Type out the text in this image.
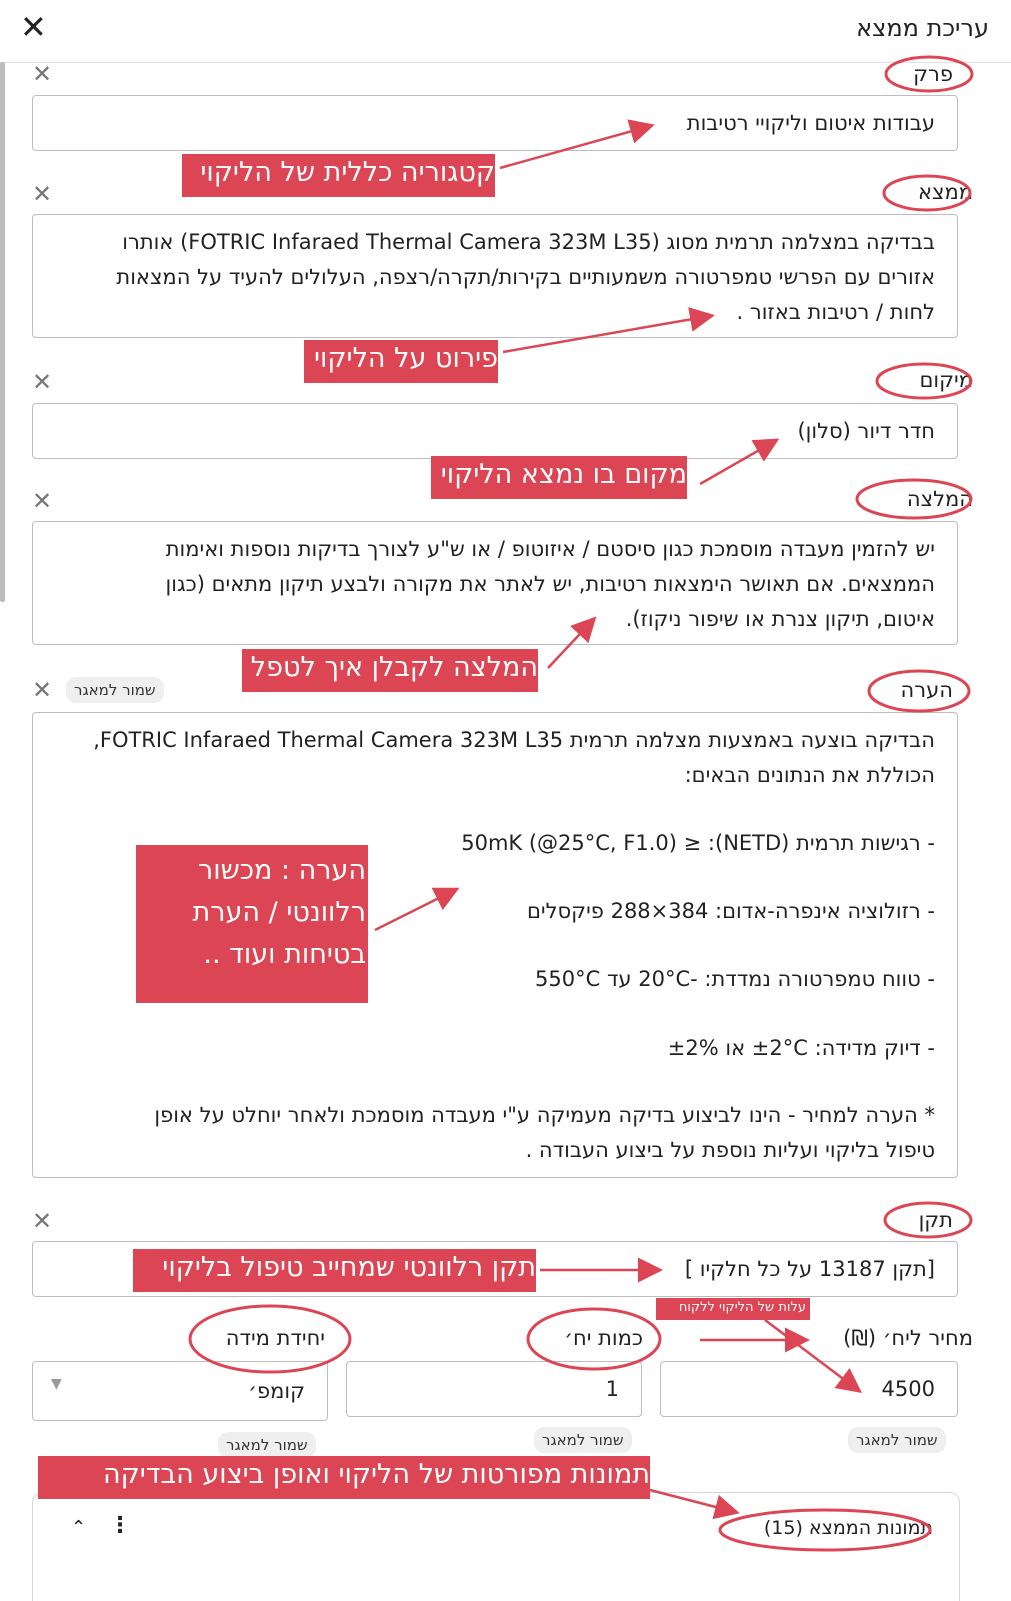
✕	עריכת ממצא
פרק
✕
עבודות איטום וליקויי רטיבות
ממצא
✕
בבדיקה במצלמה תרמית מסוג (FOTRIC Infaraed Thermal Camera 323M L35) אותרו
אזורים עם הפרשי טמפרטורה משמעותיים בקירות/תקרה/רצפה, העלולים להעיד על המצאות
לחות / רטיבות באזור .
מיקום
✕
חדר דיור (סלון)
המלצה
✕
יש להזמין מעבדה מוסמכת כגון סיסטם / איזוטופ / או ש"ע לצורך בדיקות נוספות ואימות
הממצאים. אם תאושר הימצאות רטיבות, יש לאתר את מקורה ולבצע תיקון מתאים (כגון
איטום, תיקון צנרת או שיפור ניקוז).
הערה
✕	שמור למאגר
הבדיקה בוצעה באמצעות מצלמה תרמית FOTRIC Infaraed Thermal Camera 323M L35,
הכוללת את הנתונים הבאים:
- רגישות תרמית (NETD): ≤ 50mK (@25°C, F1.0)
- רזולוציה אינפרה-אדום: 384×288 פיקסלים
- טווח טמפרטורה נמדדת: -20°C עד 550°C
- דיוק מדידה: ±2°C או ±2%
* הערה למחיר - הינו לביצוע בדיקה מעמיקה ע"י מעבדה מוסמכת ולאחר יוחלט על אופן
טיפול בליקוי ועליות נוספת על ביצוע העבודה .
תקן
✕
[תקן 13187 על כל חלקיו ]
מחיר ליח׳ (₪)
כמות יח׳
יחידת מידה
4500
1
קומפ׳
▼
שמור למאגר
שמור למאגר
שמור למאגר
תמונות הממצא (15)
⌃ ⋮
קטגוריה כללית של הליקוי
פירוט על הליקוי
מקום בו נמצא הליקוי
המלצה לקבלן איך לטפל
הערה : מכשור
רלוונטי / הערת
בטיחות ועוד ..
תקן רלוונטי שמחייב טיפול בליקוי
עלות של הליקוי ללקוח
תמונות מפורטות של הליקוי ואופן ביצוע הבדיקה
